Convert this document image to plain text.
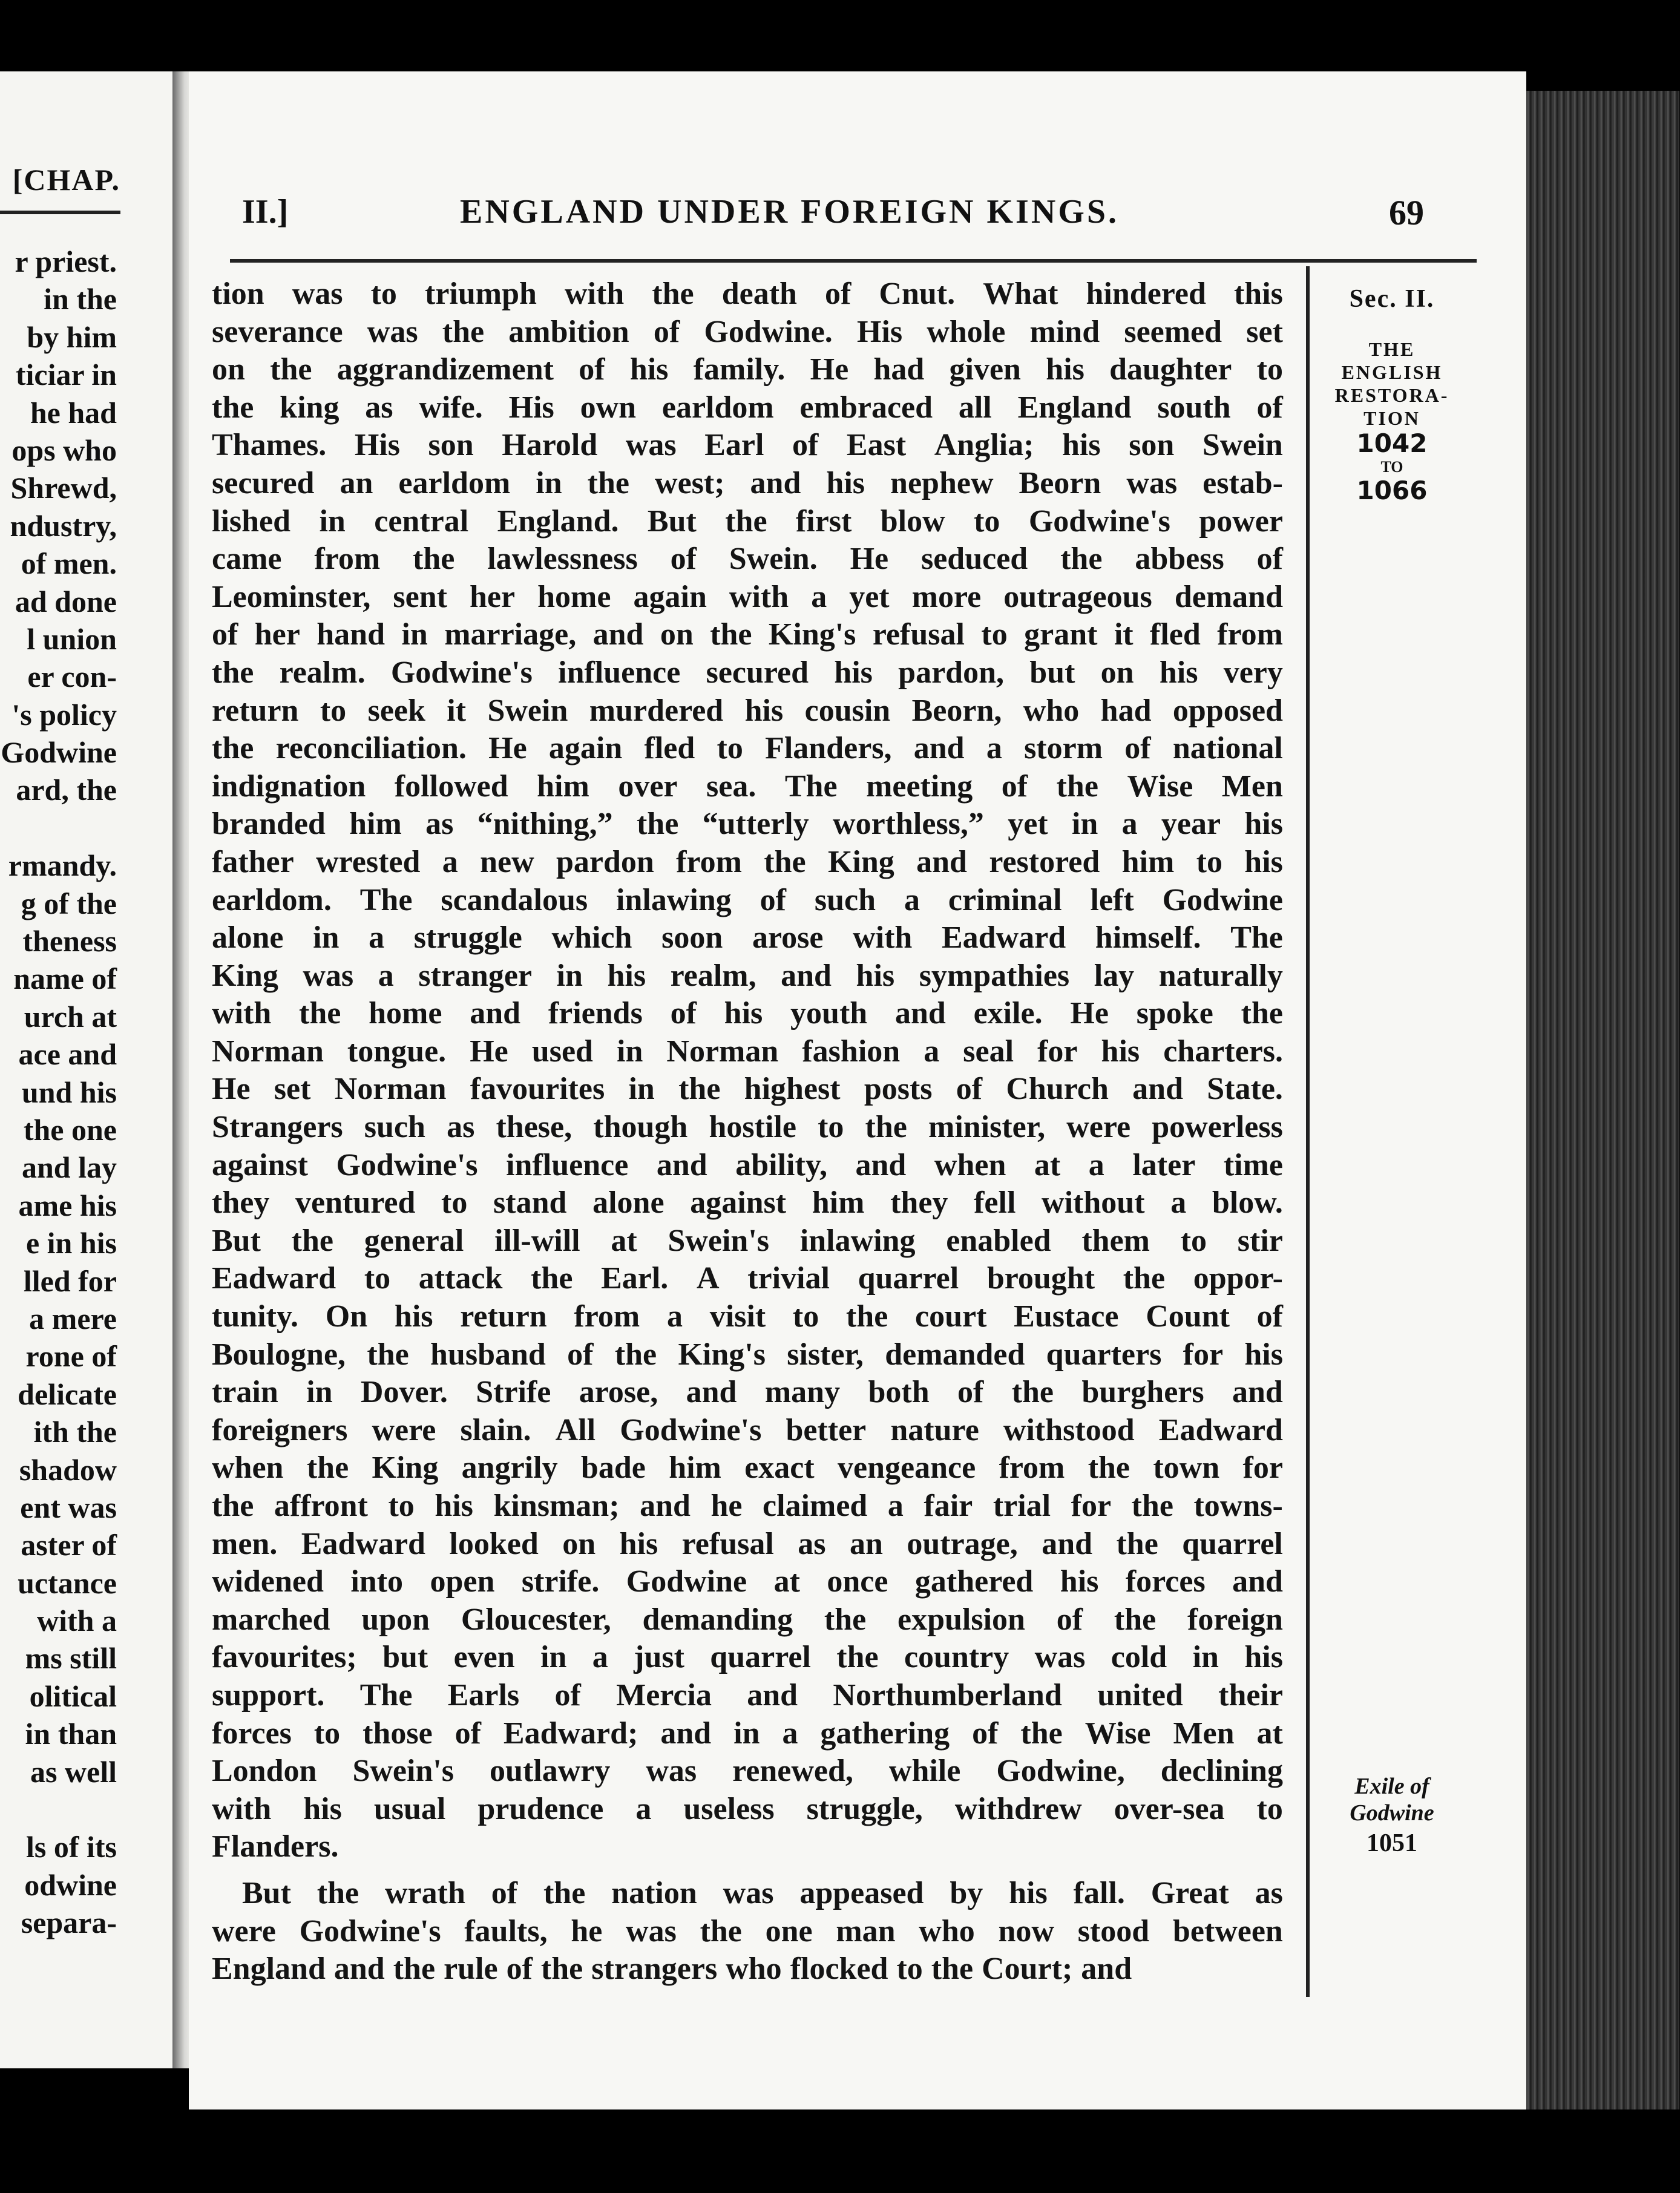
[CHAP.
r priest.
in the
by him
ticiar in
he had
ops who
Shrewd,
ndustry,
of men.
ad done
l union
er con-
's policy
Godwine
ard, the
rmandy.
g of the
theness
name of
urch at
ace and
und his
the one
and lay
ame his
e in his
lled for
a mere
rone of
delicate
ith the
shadow
ent was
aster of
uctance
with a
ms still
olitical
in than
as well
ls of its
odwine
separa-
II.]	ENGLAND UNDER FOREIGN KINGS.	69
tion was to triumph with the death of Cnut. What hindered this
severance was the ambition of Godwine. His whole mind seemed set
on the aggrandizement of his family. He had given his daughter to
the king as wife. His own earldom embraced all England south of
Thames. His son Harold was Earl of East Anglia; his son Swein
secured an earldom in the west; and his nephew Beorn was estab-
lished in central England. But the first blow to Godwine's power
came from the lawlessness of Swein. He seduced the abbess of
Leominster, sent her home again with a yet more outrageous demand
of her hand in marriage, and on the King's refusal to grant it fled from
the realm. Godwine's influence secured his pardon, but on his very
return to seek it Swein murdered his cousin Beorn, who had opposed
the reconciliation. He again fled to Flanders, and a storm of national
indignation followed him over sea. The meeting of the Wise Men
branded him as “nithing,” the “utterly worthless,” yet in a year his
father wrested a new pardon from the King and restored him to his
earldom. The scandalous inlawing of such a criminal left Godwine
alone in a struggle which soon arose with Eadward himself. The
King was a stranger in his realm, and his sympathies lay naturally
with the home and friends of his youth and exile. He spoke the
Norman tongue. He used in Norman fashion a seal for his charters.
He set Norman favourites in the highest posts of Church and State.
Strangers such as these, though hostile to the minister, were powerless
against Godwine's influence and ability, and when at a later time
they ventured to stand alone against him they fell without a blow.
But the general ill-will at Swein's inlawing enabled them to stir
Eadward to attack the Earl. A trivial quarrel brought the oppor-
tunity. On his return from a visit to the court Eustace Count of
Boulogne, the husband of the King's sister, demanded quarters for his
train in Dover. Strife arose, and many both of the burghers and
foreigners were slain. All Godwine's better nature withstood Eadward
when the King angrily bade him exact vengeance from the town for
the affront to his kinsman; and he claimed a fair trial for the towns-
men. Eadward looked on his refusal as an outrage, and the quarrel
widened into open strife. Godwine at once gathered his forces and
marched upon Gloucester, demanding the expulsion of the foreign
favourites; but even in a just quarrel the country was cold in his
support. The Earls of Mercia and Northumberland united their
forces to those of Eadward; and in a gathering of the Wise Men at
London Swein's outlawry was renewed, while Godwine, declining
with his usual prudence a useless struggle, withdrew over-sea to
Flanders.
But the wrath of the nation was appeased by his fall. Great as
were Godwine's faults, he was the one man who now stood between
England and the rule of the strangers who flocked to the Court; and
Sec. II.
THE
ENGLISH
RESTORA-
TION
1042
TO
1066
Exile of
Godwine
1051
